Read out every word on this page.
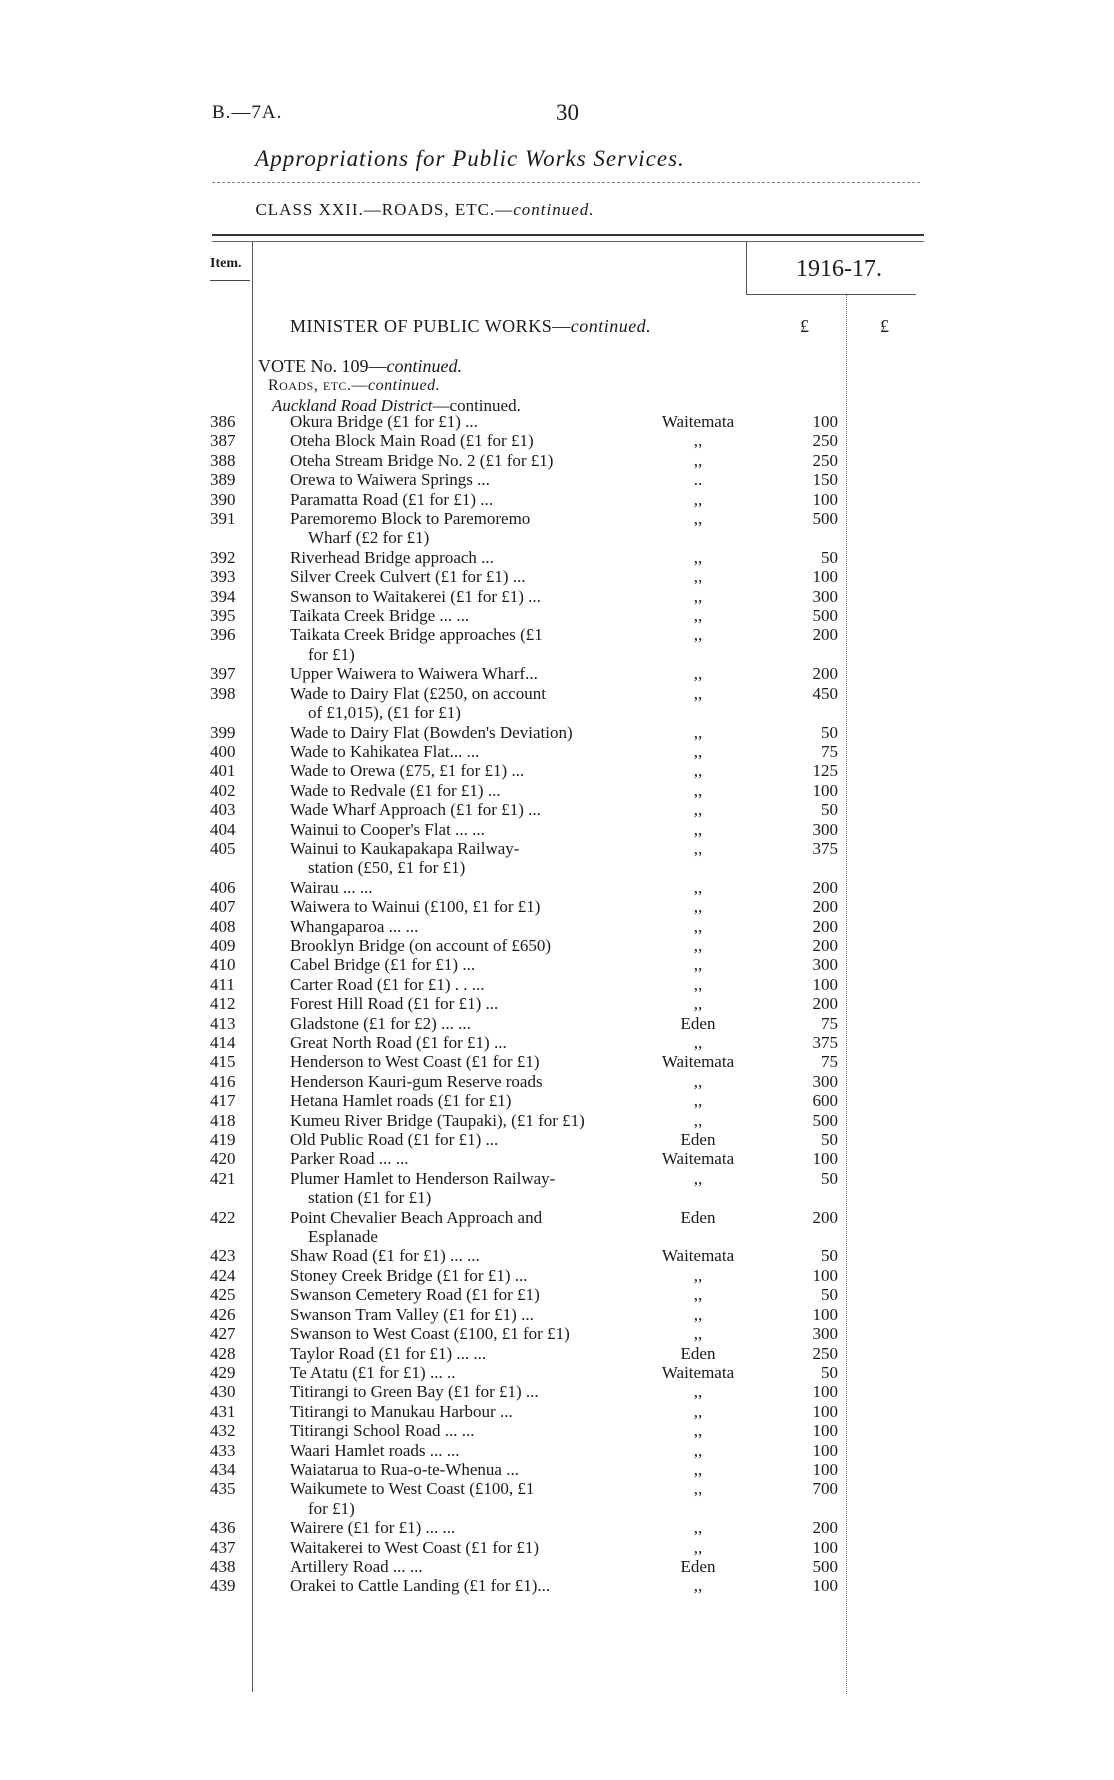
B.—7A.	30
Appropriations for Public Works Services.
CLASS XXII.—ROADS, ETC.—continued.
Item.	1916-17.
MINISTER OF PUBLIC WORKS—continued.	£	£
VOTE No. 109—continued.
ROADS, ETC.—continued.
Auckland Road District—continued.
386	Okura Bridge (£1 for £1) ...	Waitemata	100
387	Oteha Block Main Road (£1 for £1)	,,	250
388	Oteha Stream Bridge No. 2 (£1 for £1)	,,	250
389	Orewa to Waiwera Springs ...	..	150
390	Paramatta Road (£1 for £1) ...	,,	100
391	Paremoremo Block to Paremoremo
Wharf (£2 for £1)
,,	500
392	Riverhead Bridge approach ...	,,	50
393	Silver Creek Culvert (£1 for £1) ...	,,	100
394	Swanson to Waitakerei (£1 for £1) ...	,,	300
395	Taikata Creek Bridge ... ...	,,	500
396	Taikata Creek Bridge approaches (£1
for £1)
,,	200
397	Upper Waiwera to Waiwera Wharf...	,,	200
398	Wade to Dairy Flat (£250, on account
of £1,015), (£1 for £1)
,,	450
399	Wade to Dairy Flat (Bowden's Deviation)	,,	50
400	Wade to Kahikatea Flat... ...	,,	75
401	Wade to Orewa (£75, £1 for £1) ...	,,	125
402	Wade to Redvale (£1 for £1) ...	,,	100
403	Wade Wharf Approach (£1 for £1) ...	,,	50
404	Wainui to Cooper's Flat ... ...	,,	300
405	Wainui to Kaukapakapa Railway-
station (£50, £1 for £1)
,,	375
406	Wairau ... ...	,,	200
407	Waiwera to Wainui (£100, £1 for £1)	,,	200
408	Whangaparoa ... ...	,,	200
409	Brooklyn Bridge (on account of £650)	,,	200
410	Cabel Bridge (£1 for £1) ...	,,	300
411	Carter Road (£1 for £1) . . ...	,,	100
412	Forest Hill Road (£1 for £1) ...	,,	200
413	Gladstone (£1 for £2) ... ...	Eden	75
414	Great North Road (£1 for £1) ...	,,	375
415	Henderson to West Coast (£1 for £1)	Waitemata	75
416	Henderson Kauri-gum Reserve roads	,,	300
417	Hetana Hamlet roads (£1 for £1)	,,	600
418	Kumeu River Bridge (Taupaki), (£1 for £1)	,,	500
419	Old Public Road (£1 for £1) ...	Eden	50
420	Parker Road ... ...	Waitemata	100
421	Plumer Hamlet to Henderson Railway-
station (£1 for £1)
,,	50
422	Point Chevalier Beach Approach and
Esplanade
Eden	200
423	Shaw Road (£1 for £1) ... ...	Waitemata	50
424	Stoney Creek Bridge (£1 for £1) ...	,,	100
425	Swanson Cemetery Road (£1 for £1)	,,	50
426	Swanson Tram Valley (£1 for £1) ...	,,	100
427	Swanson to West Coast (£100, £1 for £1)	,,	300
428	Taylor Road (£1 for £1) ... ...	Eden	250
429	Te Atatu (£1 for £1) ... ..	Waitemata	50
430	Titirangi to Green Bay (£1 for £1) ...	,,	100
431	Titirangi to Manukau Harbour ...	,,	100
432	Titirangi School Road ... ...	,,	100
433	Waari Hamlet roads ... ...	,,	100
434	Waiatarua to Rua-o-te-Whenua ...	,,	100
435	Waikumete to West Coast (£100, £1
for £1)
,,	700
436	Wairere (£1 for £1) ... ...	,,	200
437	Waitakerei to West Coast (£1 for £1)	,,	100
438	Artillery Road ... ...	Eden	500
439	Orakei to Cattle Landing (£1 for £1)...	,,	100
